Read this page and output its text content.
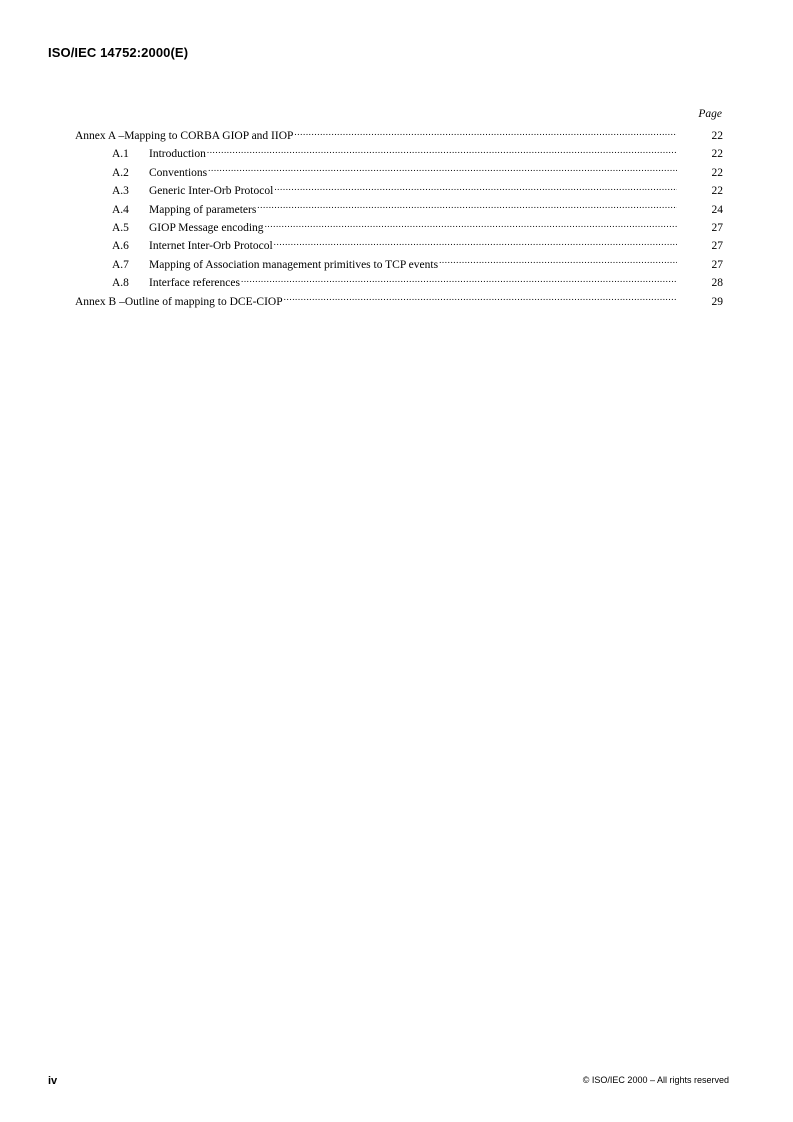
ISO/IEC 14752:2000(E)
Page
Annex A – Mapping to CORBA GIOP and IIOP .....	22
A.1	Introduction .....	22
A.2	Conventions .....	22
A.3	Generic Inter-Orb Protocol .....	22
A.4	Mapping of parameters .....	24
A.5	GIOP Message encoding .....	27
A.6	Internet Inter-Orb Protocol .....	27
A.7	Mapping of Association management primitives to TCP events .....	27
A.8	Interface references .....	28
Annex B – Outline of mapping to DCE-CIOP .....	29
iv	© ISO/IEC 2000 – All rights reserved
